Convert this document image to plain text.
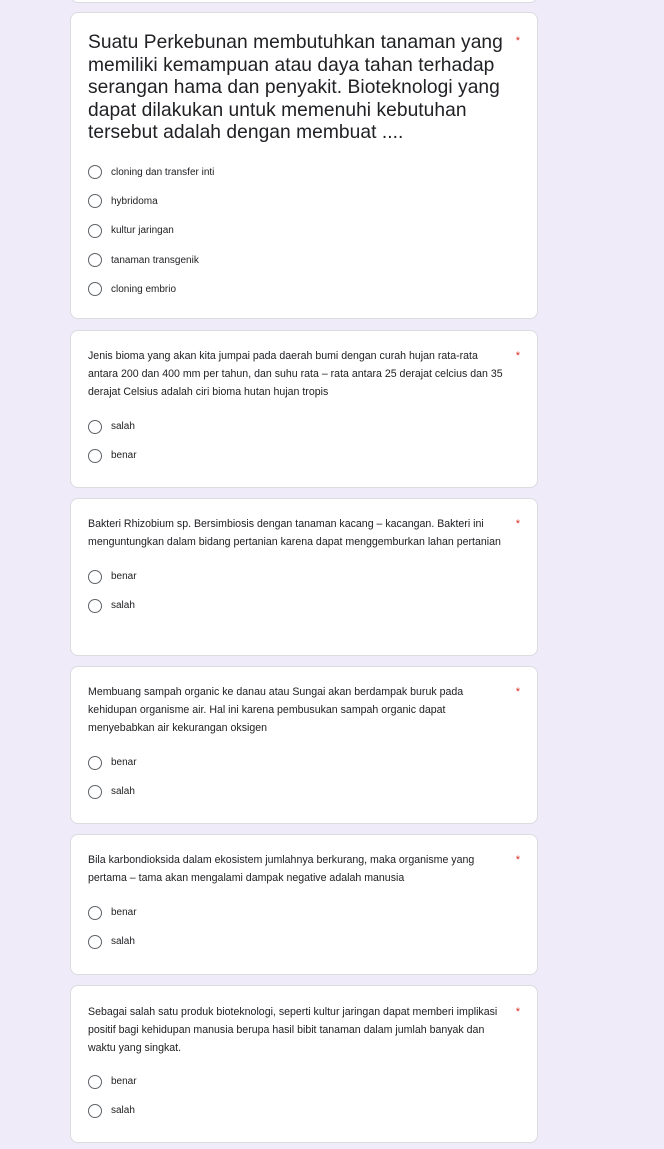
Suatu Perkebunan membutuhkan tanaman yang memiliki kemampuan atau daya tahan terhadap serangan hama dan penyakit. Bioteknologi yang dapat dilakukan untuk memenuhi kebutuhan tersebut adalah dengan membuat ....
*
cloning dan transfer inti
hybridoma
kultur jaringan
tanaman transgenik
cloning embrio
Jenis bioma yang akan kita jumpai pada daerah bumi dengan curah hujan rata-rata antara 200 dan 400 mm per tahun, dan suhu rata – rata antara 25 derajat celcius dan 35 derajat Celsius adalah ciri bioma hutan hujan tropis
*
salah
benar
Bakteri Rhizobium sp. Bersimbiosis dengan tanaman kacang – kacangan. Bakteri ini menguntungkan dalam bidang pertanian karena dapat menggemburkan lahan pertanian
*
benar
salah
Membuang sampah organic ke danau atau Sungai akan berdampak buruk pada kehidupan organisme air. Hal ini karena pembusukan sampah organic dapat menyebabkan air kekurangan oksigen
*
benar
salah
Bila karbondioksida dalam ekosistem jumlahnya berkurang, maka organisme yang pertama – tama akan mengalami dampak negative adalah manusia
*
benar
salah
Sebagai salah satu produk bioteknologi, seperti kultur jaringan dapat memberi implikasi positif bagi kehidupan manusia berupa hasil bibit tanaman dalam jumlah banyak dan waktu yang singkat.
*
benar
salah
